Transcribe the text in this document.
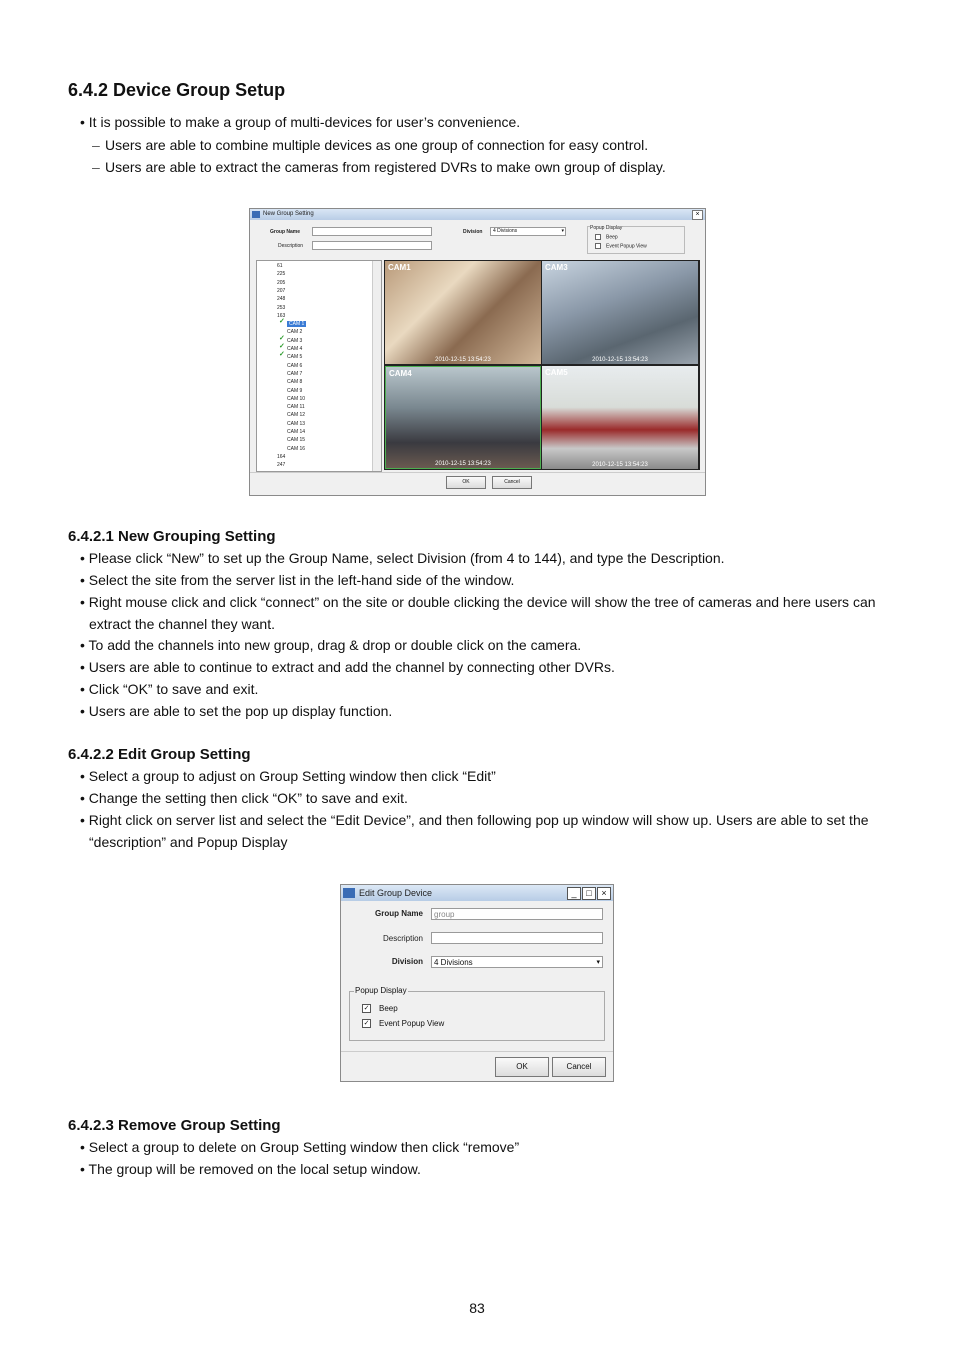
6.4.2 Device Group Setup
• It is possible to make a group of multi-devices for user’s convenience.
– Users are able to combine multiple devices as one group of connection for easy control.
– Users are able to extract the cameras from registered DVRs to make own group of display.
New Group Setting	×
Group Name
Description
Division	4 Divisions	▾	Popup Display
Beep
Event Popup View
61
225
205
207
248
253
163
✓ CAM 1
CAM 2
✓ CAM 3
✓ CAM 4
✓ CAM 5
CAM 6
CAM 7
CAM 8
CAM 9
CAM 10
CAM 11
CAM 12
CAM 13
CAM 14
CAM 15
CAM 16
164
247
CAM1
2010-12-15 13:54:23
CAM3
2010-12-15 13:54:23
CAM4
2010-12-15 13:54:23
CAM5
2010-12-15 13:54:23
OK	Cancel
6.4.2.1 New Grouping Setting
• Please click “New” to set up the Group Name, select Division (from 4 to 144), and type the Description.
• Select the site from the server list in the left-hand side of the window.
• Right mouse click and click “connect” on the site or double clicking the device will show the tree of cameras and here users can
extract the channel they want.
• To add the channels into new group, drag & drop or double click on the camera.
• Users are able to continue to extract and add the channel by connecting other DVRs.
• Click “OK” to save and exit.
• Users are able to set the pop up display function.
6.4.2.2 Edit Group Setting
• Select a group to adjust on Group Setting window then click “Edit”
• Change the setting then click “OK” to save and exit.
• Right click on server list and select the “Edit Device”, and then following pop up window will show up. Users are able to set the
“description” and Popup Display
Edit Group Device	_	□	×
Group Name	group
Description
Division	4 Divisions	▾
Popup Display
✓ Beep
✓ Event Popup View
OK	Cancel
6.4.2.3 Remove Group Setting
• Select a group to delete on Group Setting window then click “remove”
• The group will be removed on the local setup window.
83
